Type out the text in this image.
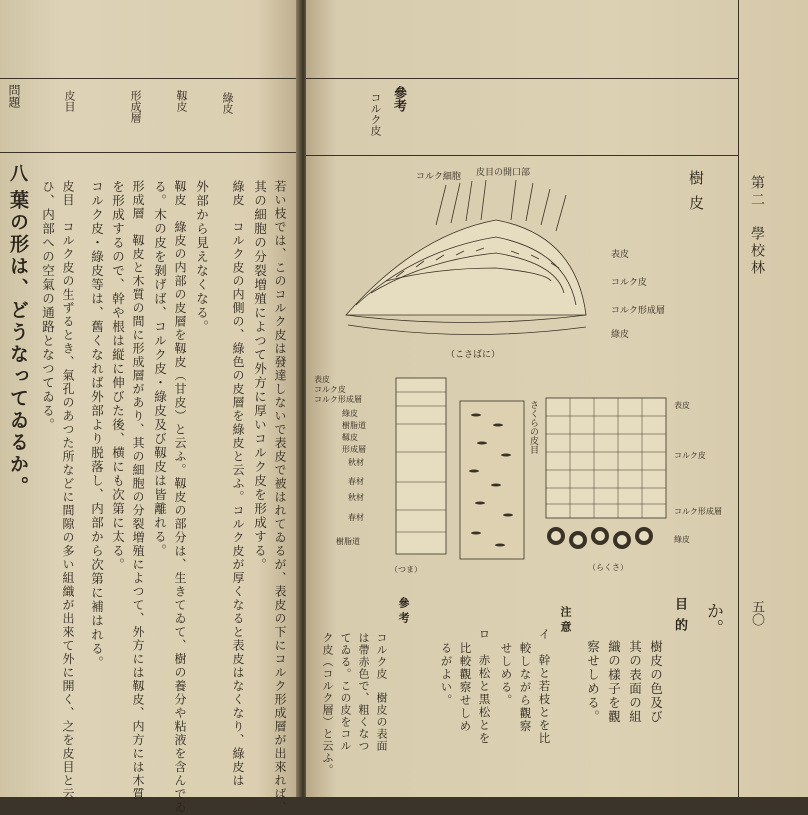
問題	皮目	形成層	靱皮	綠皮
若い枝では、このコルク皮は發達しないで表皮で被はれてゐるが、表皮の下にコルク形成層が出來れば、
其の細胞の分裂増殖によつて外方に厚いコルク皮を形成する。
外部から見えなくなる。 綠皮　コルク皮の内側の、綠色の皮層を綠皮と云ふ。コルク皮が厚くなると表皮はなくなり、綠皮は
靱皮　綠皮の内部の皮層を靱皮（甘皮）と云ふ。靱皮の部分は、生きてゐて、樹の養分や粘液を含んでゐ
る。木の皮を剝げば、コルク皮・綠皮及び靱皮は皆離れる。
形成層　靱皮と木質の間に形成層があり、其の細胞の分裂増殖によつて、外方には靱皮、内方には木質
を形成するので、幹や根は縦に伸びた後、横にも次第に太る。
コルク皮・綠皮等は、舊くなれば外部より脱落し、内部から次第に補はれる。
皮目　コルク皮の生ずるとき、氣孔のあつた所などに間隙の多い組織が出來て外に開く、之を皮目と云
ひ、内部への空氣の通路となつてゐる。
八
葉の形は、どうなってゐるか。	第二　學校林
五〇
參考
コルク皮
樹皮
コルク細胞 皮目の開口部
表皮
コルク皮
コルク形成層
綠皮
（こさばに）
表皮
コルク皮
コルク形成層
綠皮
樹脂道
靱皮
形成層
秋材
春材
秋材
春材
樹脂道
（つま）
さくらの皮目	表皮
コルク皮
コルク形成層
綠皮
（らくさ）
か。
目的
樹皮の色及び
其の表面の組
織の樣子を觀
察せしめる。
注意
イ　幹と若枝とを比
較しながら觀察
せしめる。
ロ　赤松と黒松とを
比較觀察せしめ
るがよい。
參考
コルク皮　樹皮の表面
は帶赤色で、粗くなつ
てゐる。この皮をコル
ク皮（コルク層）と云ふ。
